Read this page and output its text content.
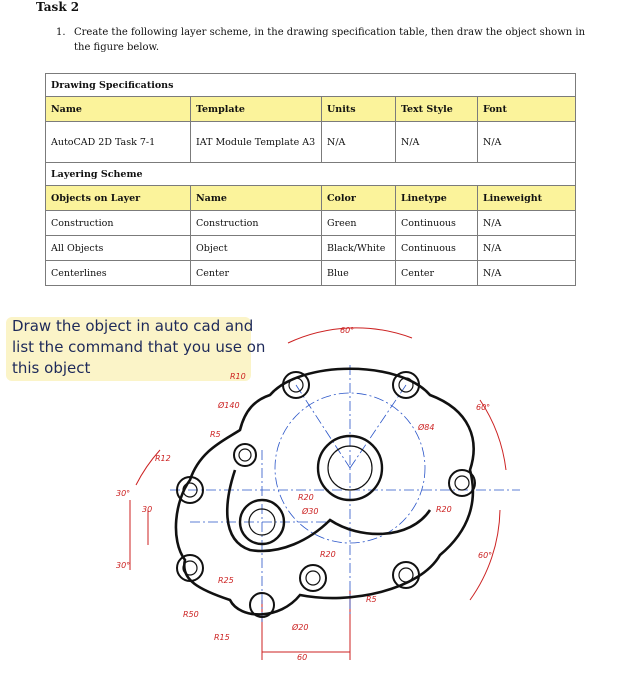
Task 2
1. Create the following layer scheme, in the drawing specification table, then draw the object shown in the figure below.
Drawing Specifications				
Name	Template	Units	Text Style	Font
AutoCAD 2D Task 7-1	IAT Module Template A3	N/A	N/A	N/A
Layering Scheme				
Objects on Layer	Name	Color	Linetype	Lineweight
Construction	Construction	Green	Continuous	N/A
All Objects	Object	Black/White	Continuous	N/A
Centerlines	Center	Blue	Center	N/A
Draw the object in auto cad and list the command that you use on this object
60°
R10
Ø140
R5
Ø84
R12
60°
30°
30
R20
Ø30	R20
R20
30°
60°
R25
R5
R50
Ø20
R15
60
